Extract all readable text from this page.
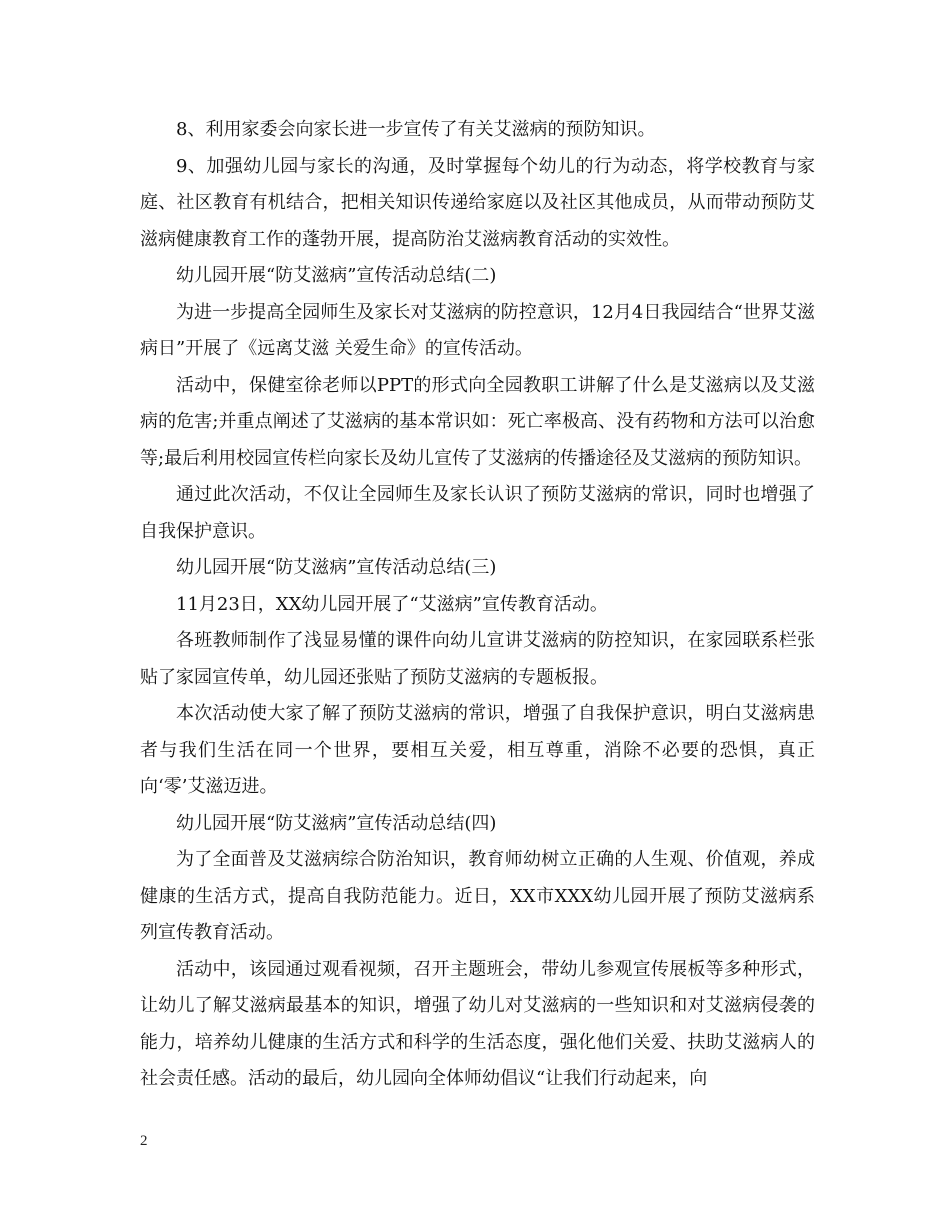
8、利用家委会向家长进一步宣传了有关艾滋病的预防知识。

9、加强幼儿园与家长的沟通，及时掌握每个幼儿的行为动态，将学校教育与家庭、社区教育有机结合，把相关知识传递给家庭以及社区其他成员，从而带动预防艾滋病健康教育工作的蓬勃开展，提高防治艾滋病教育活动的实效性。

幼儿园开展“防艾滋病”宣传活动总结(二)

为进一步提高全园师生及家长对艾滋病的防控意识，12月4日我园结合“世界艾滋病日”开展了《远离艾滋 关爱生命》的宣传活动。

活动中，保健室徐老师以PPT的形式向全园教职工讲解了什么是艾滋病以及艾滋病的危害;并重点阐述了艾滋病的基本常识如：死亡率极高、没有药物和方法可以治愈等;最后利用校园宣传栏向家长及幼儿宣传了艾滋病的传播途径及艾滋病的预防知识。

通过此次活动，不仅让全园师生及家长认识了预防艾滋病的常识，同时也增强了自我保护意识。

幼儿园开展“防艾滋病”宣传活动总结(三)

11月23日，XX幼儿园开展了“艾滋病”宣传教育活动。

各班教师制作了浅显易懂的课件向幼儿宣讲艾滋病的防控知识，在家园联系栏张贴了家园宣传单，幼儿园还张贴了预防艾滋病的专题板报。

本次活动使大家了解了预防艾滋病的常识，增强了自我保护意识，明白艾滋病患者与我们生活在同一个世界，要相互关爱，相互尊重，消除不必要的恐惧，真正向‘零’艾滋迈进。

幼儿园开展“防艾滋病”宣传活动总结(四)

为了全面普及艾滋病综合防治知识，教育师幼树立正确的人生观、价值观，养成健康的生活方式，提高自我防范能力。近日，XX市XXX幼儿园开展了预防艾滋病系列宣传教育活动。

活动中，该园通过观看视频，召开主题班会，带幼儿参观宣传展板等多种形式，让幼儿了解艾滋病最基本的知识，增强了幼儿对艾滋病的一些知识和对艾滋病侵袭的能力，培养幼儿健康的生活方式和科学的生活态度，强化他们关爱、扶助艾滋病人的社会责任感。活动的最后，幼儿园向全体师幼倡议“让我们行动起来，向

2
